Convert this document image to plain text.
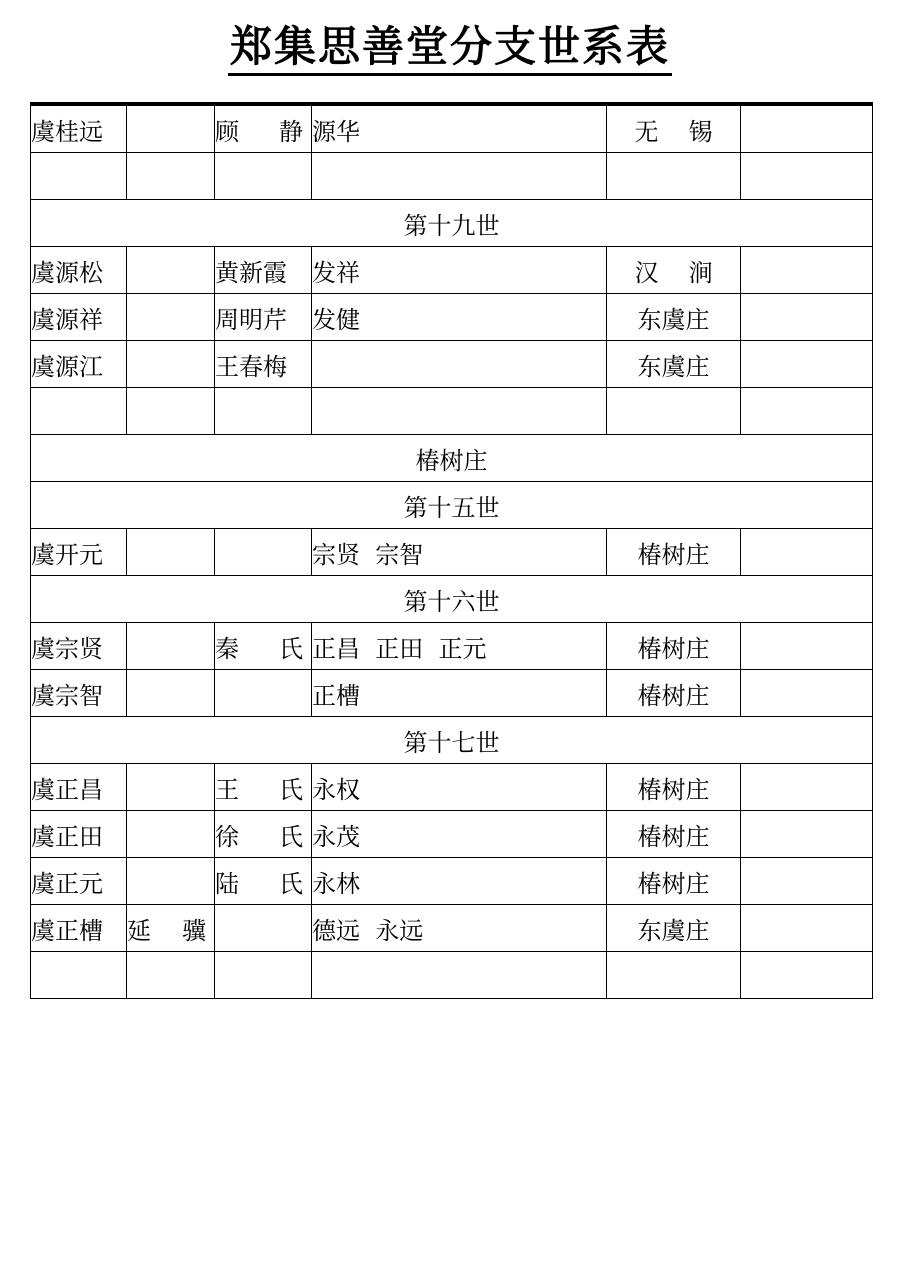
郑集思善堂分支世系表
虞桂远		顾 静	源华	无 锡	

第十九世					
虞源松		黄新霞	发祥	汉 涧	

虞源祥		周明芹	发健	东虞庄	
虞源江		王春梅		东虞庄	

椿树庄					
第十五世					
虞开元			宗贤  宗智	椿树庄	
第十六世					
虞宗贤		秦 氏	正昌  正田  正元	椿树庄	
虞宗智			正槽	椿树庄	
第十七世					
虞正昌		王 氏	永权	椿树庄	
虞正田		徐 氏	永茂	椿树庄	
虞正元		陆 氏	永林	椿树庄	
虞正槽	延 骥		德远  永远	东虞庄	
